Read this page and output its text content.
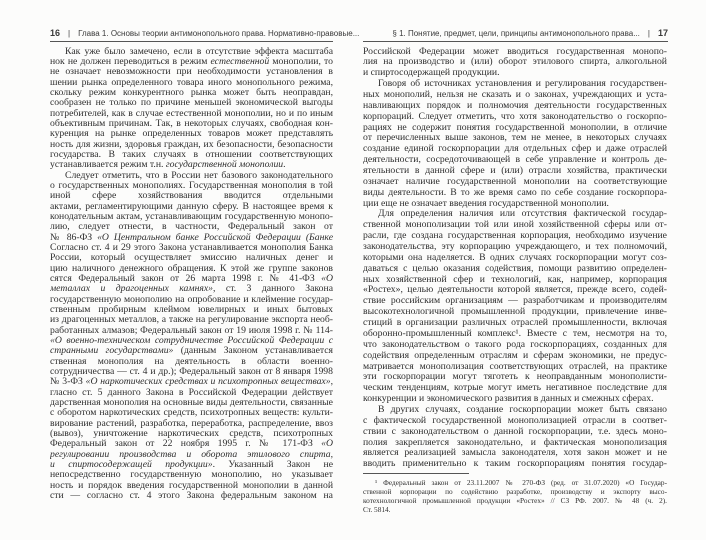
16 | Глава 1. Основы теории антимонопольного права. Нормативно-правовые...	§ 1. Понятие, предмет, цели, принципы антимонопольного права... | 17
Как уже было замечено, если в отсутствие эффекта масштаба
нок не должен переводиться в режим естественной монополии, то
не означает невозможности при необходимости установления в
шении рынка определенного товара иного монопольного режима,
скольку режим конкурентного рынка может быть неоправдан,
сообразен не только по причине меньшей экономической выгоды
потребителей, как в случае естественной монополии, но и по иным
объективным причинам. Так, в некоторых случаях, свободная кон-
куренция на рынке определенных товаров может представлять
ность для жизни, здоровья граждан, их безопасности, безопасности
государства. В таких случаях в отношении соответствующих
устанавливается режим т.н. государственной монополии.
Следует отметить, что в России нет базового законодательного
о государственных монополиях. Государственная монополия в той
иной сфере хозяйствования вводится отдельными
актами, регламентирующими данную сферу. В настоящее время к
конодательным актам, устанавливающим государственную монопо-
лию, следует отнести, в частности, Федеральный закон от
№ 86-ФЗ «О Центральном банке Российской Федерации (Банке
Согласно ст. 4 и 29 этого Закона устанавливается монополия Банка
России, который осуществляет эмиссию наличных денег и
цию наличного денежного обращения. К этой же группе законов
сятся Федеральный закон от 26 марта 1998 г. № 41-ФЗ «О
металлах и драгоценных камнях», ст. 3 данного Закона
государственную монополию на опробование и клеймение государ-
ственным пробирным клеймом ювелирных и иных бытовых
из драгоценных металлов, а также на регулирование экспорта необ-
работанных алмазов; Федеральный закон от 19 июля 1998 г. № 114-
«О военно-техническом сотрудничестве Российской Федерации с
странными государствами» (данным Законом устанавливается
ственная монополия на деятельность в области военно-
сотрудничества — ст. 4 и др.); Федеральный закон от 8 января 1998
№ 3-ФЗ «О наркотических средствах и психотропных веществах»,
гласно ст. 5 данного Закона в Российской Федерации действует
дарственная монополия на основные виды деятельности, связанные
с оборотом наркотических средств, психотропных веществ: культи-
вирование растений, разработка, переработка, распределение, ввоз
(вывоз), уничтожение наркотических средств, психотропных
Федеральный закон от 22 ноября 1995 г. № 171-ФЗ «О
регулировании производства и оборота этилового спирта,
и спиртосодержащей продукции». Указанный Закон не
непосредственно государственную монополию, но указывает
ность и порядок введения государственной монополии в данной
сти — согласно ст. 4 этого Закона федеральным законом на
Российской Федерации может вводиться государственная монопо-
лия на производство и (или) оборот этилового спирта, алкогольной
и спиртосодержащей продукции.
Говоря об источниках установления и регулирования государствен-
ных монополий, нельзя не сказать и о законах, учреждающих и уста-
навливающих порядок и полномочия деятельности государственных
корпораций. Следует отметить, что хотя законодательство о госкорпо-
рациях не содержит понятия государственной монополии, в отличие
от перечисленных выше законов, тем не менее, в некоторых случаях
создание единой госкорпорации для отдельных сфер и даже отраслей
деятельности, сосредоточивающей в себе управление и контроль де-
ятельности в данной сфере и (или) отрасли хозяйства, практически
означает наличие государственной монополии на соответствующие
виды деятельности. В то же время само по себе создание госкорпора-
ции еще не означает введения государственной монополии.
Для определения наличия или отсутствия фактической государ-
ственной монополизации той или иной хозяйственной сферы или от-
расли, где создана государственная корпорация, необходимо изучение
законодательства, эту корпорацию учреждающего, и тех полномочий,
которыми она наделяется. В одних случаях госкорпорации могут соз-
даваться с целью оказания содействия, помощи развитию определен-
ных хозяйственной сфер и технологий, как, например, корпорация
«Ростех», целью деятельности которой является, прежде всего, содей-
ствие российским организациям — разработчикам и производителям
высокотехнологичной промышленной продукции, привлечение инве-
стиций в организации различных отраслей промышленности, включая
оборонно-промышленный комплекс¹. Вместе с тем, несмотря на то,
что законодательством о такого рода госкорпорациях, созданных для
содействия определенным отраслям и сферам экономики, не предус-
матривается монополизация соответствующих отраслей, на практике
эти госкорпорации могут тяготеть к неоправданным монополисти-
ческим тенденциям, котрые могут иметь негативное последствие для
конкуренции и экономического развития в данных и смежных сферах.
В других случаях, создание госкорпорации может быть связано
с фактической государственной монополизацией отрасли в соответ-
ствии с законодательством о данной госкорпорации, т.е. здесь моно-
полия закрепляется законодательно, и фактическая монополизация
является реализацией замысла законодателя, хотя закон может и не
вводить применительно к таким госкорпорациям понятия государ-
¹ Федеральный закон от 23.11.2007 № 270-ФЗ (ред. от 31.07.2020) «О Государ-
ственной корпорации по содействию разработке, производству и экспорту высо-
котехнологичной промышленной продукции «Ростех» // СЗ РФ. 2007. № 48 (ч. 2).
Ст. 5814.
